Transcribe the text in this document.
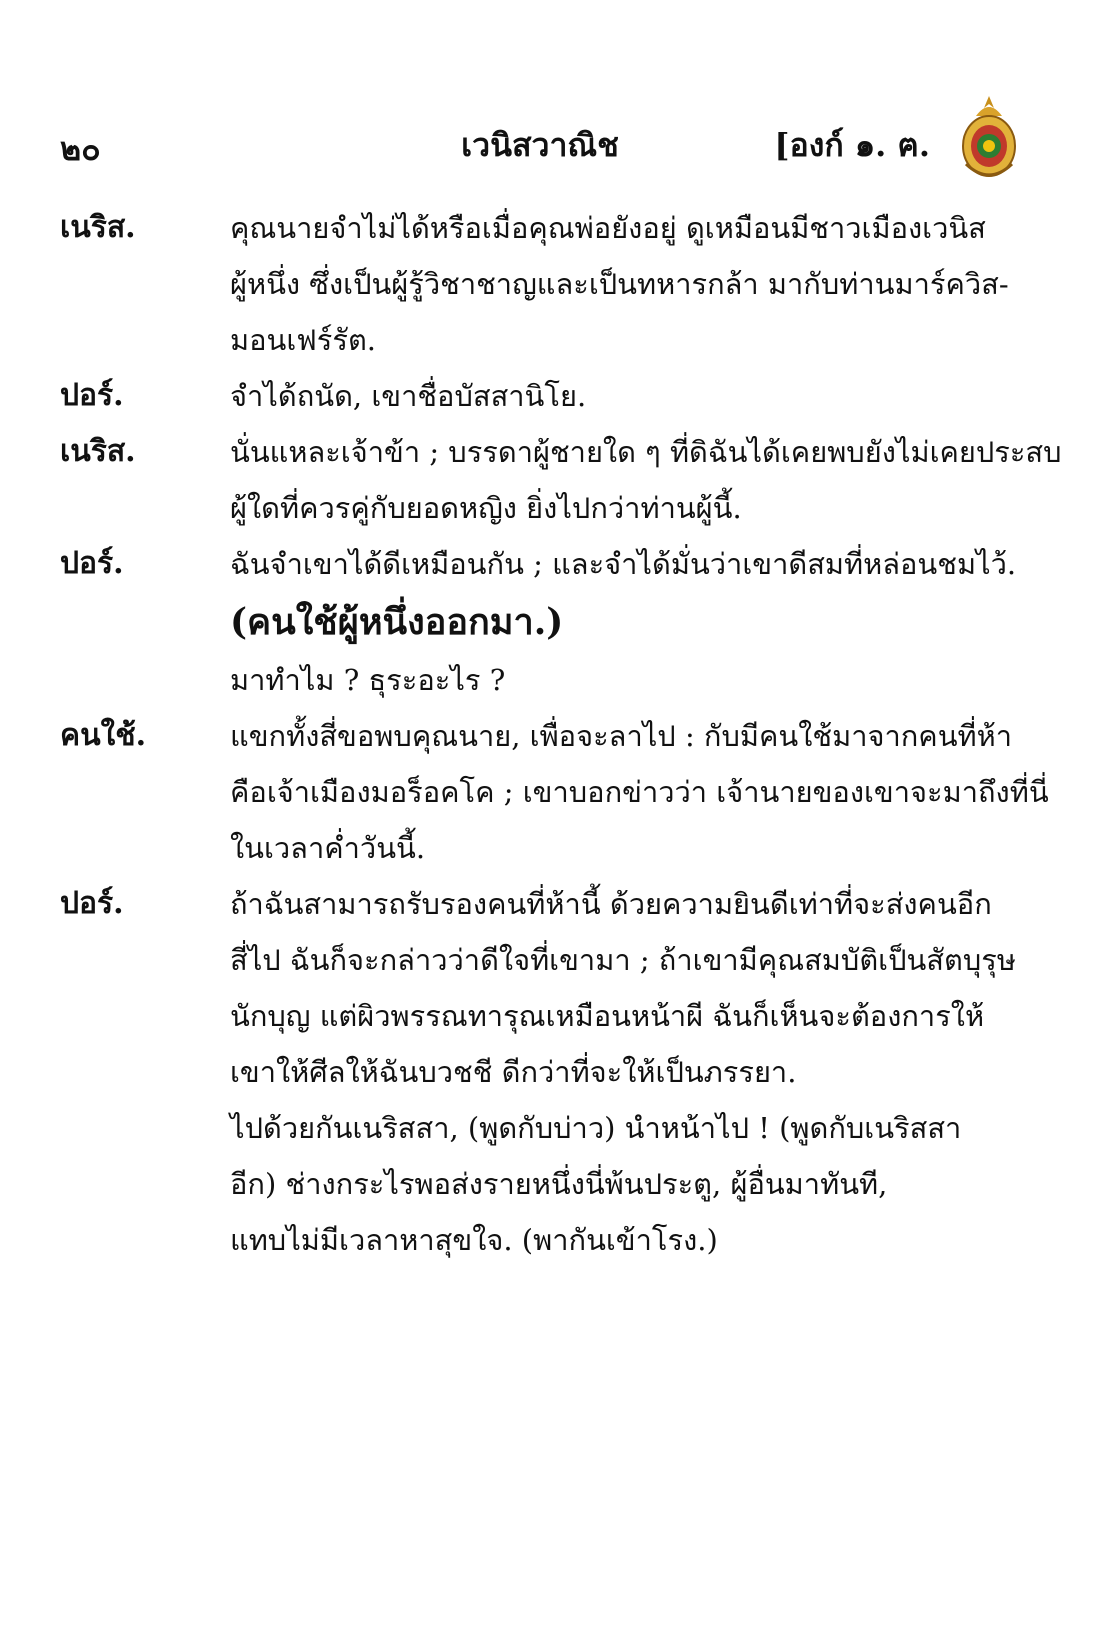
๒๐	เวนิสวาณิช	[องก์ ๑. ฅ.
เนริส.	คุณนายจำไม่ได้หรือเมื่อคุณพ่อยังอยู่ ดูเหมือนมีชาวเมืองเวนิส
ผู้หนึ่ง ซึ่งเป็นผู้รู้วิชาชาญและเป็นทหารกล้า มากับท่านมาร์ควิส-
มอนเฟร์รัต.
ปอร์.	จำได้ถนัด, เขาชื่อบัสสานิโย.
เนริส.	นั่นแหละเจ้าข้า ; บรรดาผู้ชายใด ๆ ที่ดิฉันได้เคยพบยังไม่เคยประสบ
ผู้ใดที่ควรคู่กับยอดหญิง ยิ่งไปกว่าท่านผู้นี้.
ปอร์.	ฉันจำเขาได้ดีเหมือนกัน ; และจำได้มั่นว่าเขาดีสมที่หล่อนชมไว้.
(คนใช้ผู้หนึ่งออกมา.)
มาทำไม ? ธุระอะไร ?
คนใช้.	แขกทั้งสี่ขอพบคุณนาย, เพื่อจะลาไป : กับมีคนใช้มาจากคนที่ห้า
คือเจ้าเมืองมอร็อคโค ; เขาบอกข่าวว่า เจ้านายของเขาจะมาถึงที่นี่
ในเวลาค่ำวันนี้.
ปอร์.	ถ้าฉันสามารถรับรองคนที่ห้านี้ ด้วยความยินดีเท่าที่จะส่งคนอีก
สี่ไป ฉันก็จะกล่าวว่าดีใจที่เขามา ; ถ้าเขามีคุณสมบัติเป็นสัตบุรุษ
นักบุญ แต่ผิวพรรณทารุณเหมือนหน้าผี ฉันก็เห็นจะต้องการให้
เขาให้ศีลให้ฉันบวชชี ดีกว่าที่จะให้เป็นภรรยา.
ไปด้วยกันเนริสสา, (พูดกับบ่าว) นำหน้าไป ! (พูดกับเนริสสา
อีก) ช่างกระไรพอส่งรายหนึ่งนี่พ้นประตู, ผู้อื่นมาทันที,
แทบไม่มีเวลาหาสุขใจ. (พากันเข้าโรง.)
